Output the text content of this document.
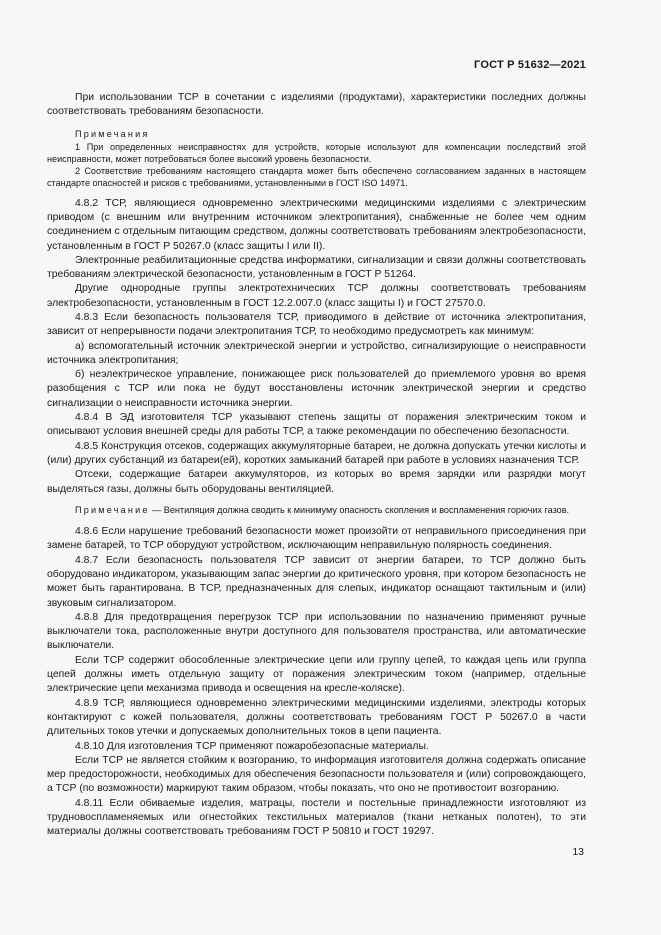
ГОСТ Р 51632—2021

При использовании ТСР в сочетании с изделиями (продуктами), характеристики последних должны соответствовать требованиям безопасности.

Примечания

1 При определенных неисправностях для устройств, которые используют для компенсации последствий этой неисправности, может потребоваться более высокий уровень безопасности.

2 Соответствие требованиям настоящего стандарта может быть обеспечено согласованием заданных в настоящем стандарте опасностей и рисков с требованиями, установленными в ГОСТ ISO 14971.

4.8.2 ТСР, являющиеся одновременно электрическими медицинскими изделиями с электрическим приводом (с внешним или внутренним источником электропитания), снабженные не более чем одним соединением с отдельным питающим средством, должны соответствовать требованиям электробезопасности, установленным в ГОСТ Р 50267.0 (класс защиты I или II).

Электронные реабилитационные средства информатики, сигнализации и связи должны соответствовать требованиям электрической безопасности, установленным в ГОСТ Р 51264.

Другие однородные группы электротехнических ТСР должны соответствовать требованиям электробезопасности, установленным в ГОСТ 12.2.007.0 (класс защиты I) и ГОСТ 27570.0.

4.8.3 Если безопасность пользователя ТСР, приводимого в действие от источника электропитания, зависит от непрерывности подачи электропитания ТСР, то необходимо предусмотреть как минимум:

а) вспомогательный источник электрической энергии и устройство, сигнализирующие о неисправности источника электропитания;

б) неэлектрическое управление, понижающее риск пользователей до приемлемого уровня во время разобщения с ТСР или пока не будут восстановлены источник электрической энергии и средство сигнализации о неисправности источника энергии.

4.8.4 В ЭД изготовителя ТСР указывают степень защиты от поражения электрическим током и описывают условия внешней среды для работы ТСР, а также рекомендации по обеспечению безопасности.

4.8.5 Конструкция отсеков, содержащих аккумуляторные батареи, не должна допускать утечки кислоты и (или) других субстанций из батареи(ей), коротких замыканий батарей при работе в условиях назначения ТСР.

Отсеки, содержащие батареи аккумуляторов, из которых во время зарядки или разрядки могут выделяться газы, должны быть оборудованы вентиляцией.

Примечание — Вентиляция должна сводить к минимуму опасность скопления и воспламенения горючих газов.

4.8.6 Если нарушение требований безопасности может произойти от неправильного присоединения при замене батарей, то ТСР оборудуют устройством, исключающим неправильную полярность соединения.

4.8.7 Если безопасность пользователя ТСР зависит от энергии батареи, то ТСР должно быть оборудовано индикатором, указывающим запас энергии до критического уровня, при котором безопасность не может быть гарантирована. В ТСР, предназначенных для слепых, индикатор оснащают тактильным и (или) звуковым сигнализатором.

4.8.8 Для предотвращения перегрузок ТСР при использовании по назначению применяют ручные выключатели тока, расположенные внутри доступного для пользователя пространства, или автоматические выключатели.

Если ТСР содержит обособленные электрические цепи или группу цепей, то каждая цепь или группа цепей должны иметь отдельную защиту от поражения электрическим током (например, отдельные электрические цепи механизма привода и освещения на кресле-коляске).

4.8.9 ТСР, являющиеся одновременно электрическими медицинскими изделиями, электроды которых контактируют с кожей пользователя, должны соответствовать требованиям ГОСТ Р 50267.0 в части длительных токов утечки и допускаемых дополнительных токов в цепи пациента.

4.8.10 Для изготовления ТСР применяют пожаробезопасные материалы.

Если ТСР не является стойким к возгоранию, то информация изготовителя должна содержать описание мер предосторожности, необходимых для обеспечения безопасности пользователя и (или) сопровождающего, а ТСР (по возможности) маркируют таким образом, чтобы показать, что оно не противостоит возгоранию.

4.8.11 Если обиваемые изделия, матрацы, постели и постельные принадлежности изготовляют из трудновоспламеняемых или огнестойких текстильных материалов (ткани нетканых полотен), то эти материалы должны соответствовать требованиям ГОСТ Р 50810 и ГОСТ 19297.

13
